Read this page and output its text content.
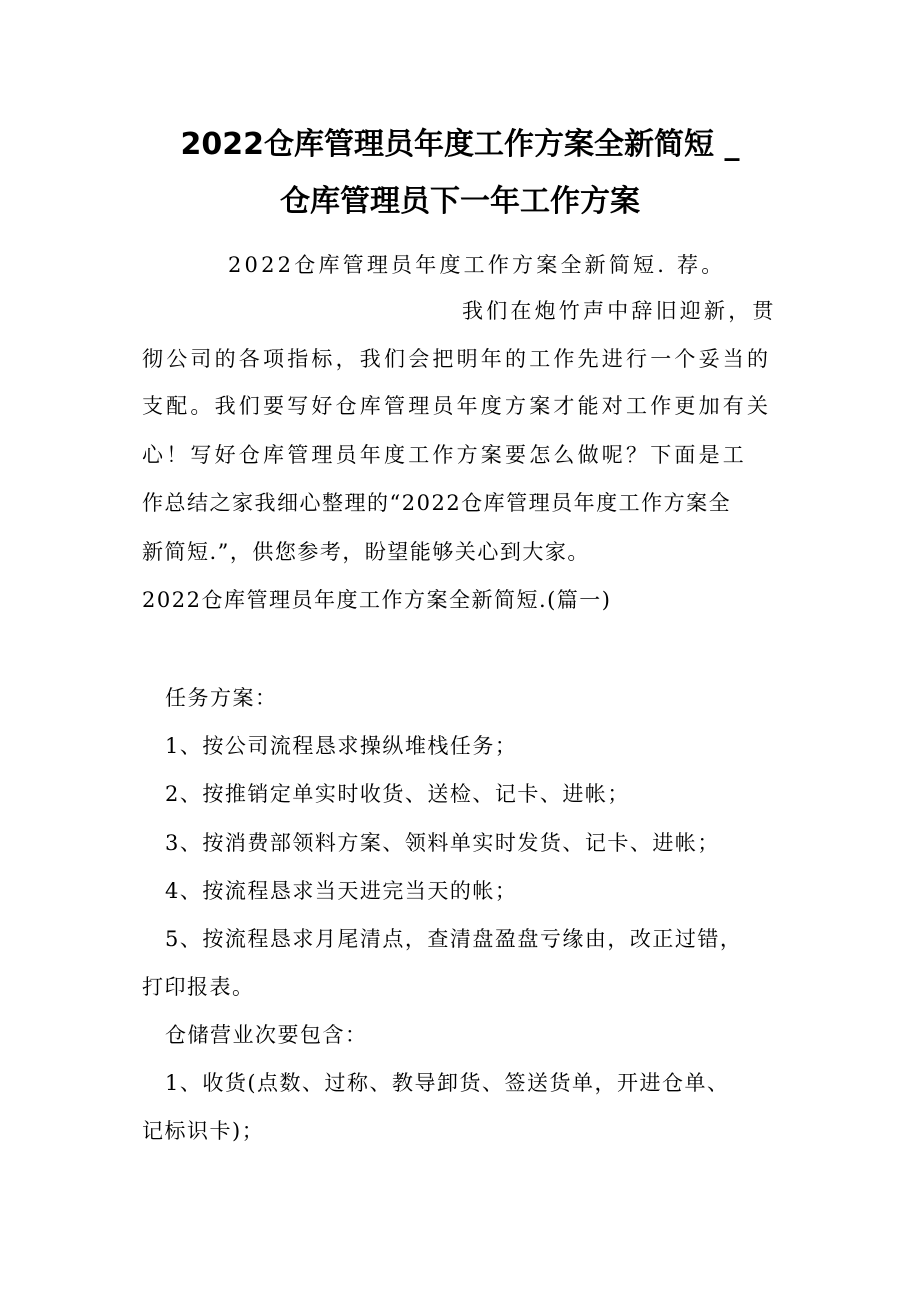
2022仓库管理员年度工作方案全新简短 _
仓库管理员下一年工作方案

2022仓库管理员年度工作方案全新简短. 荐。

我们在炮竹声中辞旧迎新，贯

彻公司的各项指标，我们会把明年的工作先进行一个妥当的

支配。我们要写好仓库管理员年度方案才能对工作更加有关

心！写好仓库管理员年度工作方案要怎么做呢？下面是工

作总结之家我细心整理的“2022仓库管理员年度工作方案全

新简短.”，供您参考，盼望能够关心到大家。

2022仓库管理员年度工作方案全新简短.(篇一)

任务方案：

1、按公司流程恳求操纵堆栈任务；

2、按推销定单实时收货、送检、记卡、进帐；

3、按消费部领料方案、领料单实时发货、记卡、进帐；

4、按流程恳求当天进完当天的帐；

5、按流程恳求月尾清点，查清盘盈盘亏缘由，改正过错，

打印报表。

仓储营业次要包含：

1、收货(点数、过称、教导卸货、签送货单，开进仓单、

记标识卡)；
